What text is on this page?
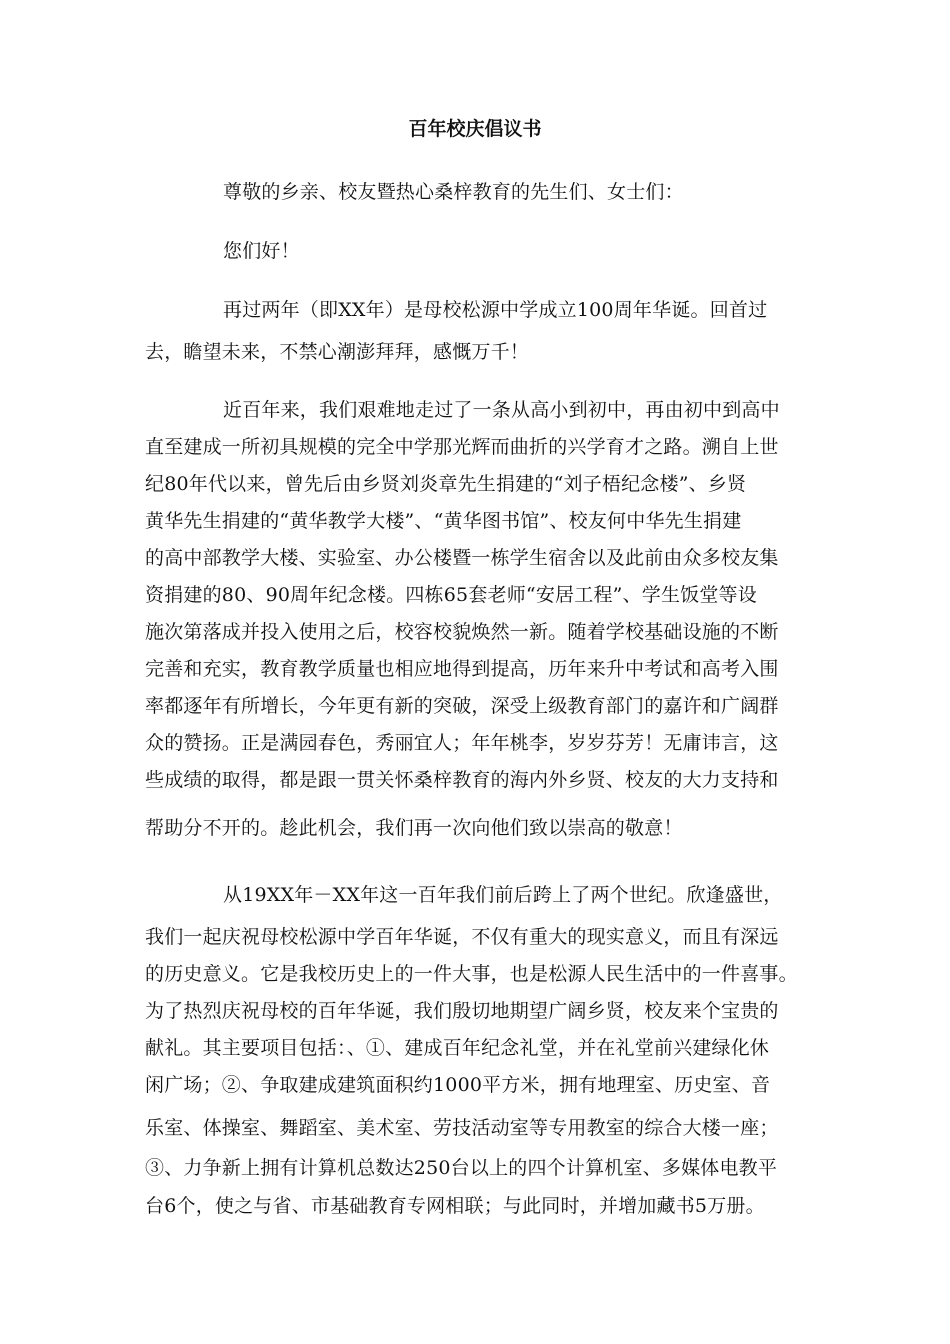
百年校庆倡议书
尊敬的乡亲、校友暨热心桑梓教育的先生们、女士们：
您们好！
再过两年（即XX年）是母校松源中学成立100周年华诞。回首过
去，瞻望未来，不禁心潮澎拜拜，感慨万千！
近百年来，我们艰难地走过了一条从高小到初中，再由初中到高中
直至建成一所初具规模的完全中学那光辉而曲折的兴学育才之路。溯自上世
纪80年代以来，曾先后由乡贤刘炎章先生捐建的“刘子梧纪念楼”、乡贤
黄华先生捐建的“黄华教学大楼”、“黄华图书馆”、校友何中华先生捐建
的高中部教学大楼、实验室、办公楼暨一栋学生宿舍以及此前由众多校友集
资捐建的80、90周年纪念楼。四栋65套老师“安居工程”、学生饭堂等设
施次第落成并投入使用之后，校容校貌焕然一新。随着学校基础设施的不断
完善和充实，教育教学质量也相应地得到提高，历年来升中考试和高考入围
率都逐年有所增长，今年更有新的突破，深受上级教育部门的嘉许和广阔群
众的赞扬。正是满园春色，秀丽宜人；年年桃李，岁岁芬芳！无庸讳言，这
些成绩的取得，都是跟一贯关怀桑梓教育的海内外乡贤、校友的大力支持和
帮助分不开的。趁此机会，我们再一次向他们致以崇高的敬意！
从19XX年－XX年这一百年我们前后跨上了两个世纪。欣逢盛世，
我们一起庆祝母校松源中学百年华诞，不仅有重大的现实意义，而且有深远
的历史意义。它是我校历史上的一件大事，也是松源人民生活中的一件喜事。
为了热烈庆祝母校的百年华诞，我们殷切地期望广阔乡贤，校友来个宝贵的
献礼。其主要项目包括：、①、建成百年纪念礼堂，并在礼堂前兴建绿化休
闲广场；②、争取建成建筑面积约1000平方米，拥有地理室、历史室、音
乐室、体操室、舞蹈室、美术室、劳技活动室等专用教室的综合大楼一座；
③、力争新上拥有计算机总数达250台以上的四个计算机室、多媒体电教平
台6个，使之与省、市基础教育专网相联；与此同时，并增加藏书5万册。
